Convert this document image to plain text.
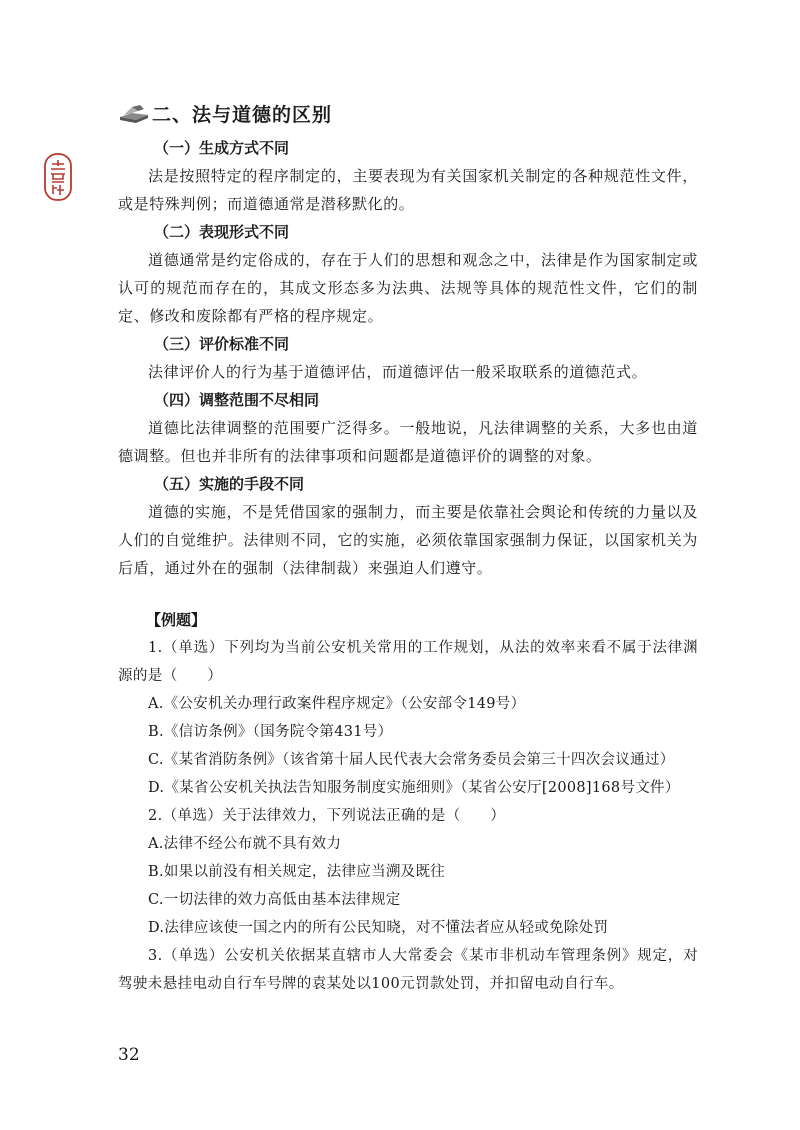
二、法与道德的区别
（一）生成方式不同
法是按照特定的程序制定的，主要表现为有关国家机关制定的各种规范性文件，或是特殊判例；而道德通常是潜移默化的。
（二）表现形式不同
道德通常是约定俗成的，存在于人们的思想和观念之中，法律是作为国家制定或认可的规范而存在的，其成文形态多为法典、法规等具体的规范性文件，它们的制定、修改和废除都有严格的程序规定。
（三）评价标准不同
法律评价人的行为基于道德评估，而道德评估一般采取联系的道德范式。
（四）调整范围不尽相同
道德比法律调整的范围要广泛得多。一般地说，凡法律调整的关系，大多也由道德调整。但也并非所有的法律事项和问题都是道德评价的调整的对象。
（五）实施的手段不同
道德的实施，不是凭借国家的强制力，而主要是依靠社会舆论和传统的力量以及人们的自觉维护。法律则不同，它的实施，必须依靠国家强制力保证，以国家机关为后盾，通过外在的强制（法律制裁）来强迫人们遵守。
【例题】
1.（单选）下列均为当前公安机关常用的工作规划，从法的效率来看不属于法律渊源的是（　　）
A.《公安机关办理行政案件程序规定》（公安部令149号）
B.《信访条例》（国务院令第431号）
C.《某省消防条例》（该省第十届人民代表大会常务委员会第三十四次会议通过）
D.《某省公安机关执法告知服务制度实施细则》（某省公安厅[2008]168号文件）
2.（单选）关于法律效力，下列说法正确的是（　　）
A.法律不经公布就不具有效力
B.如果以前没有相关规定，法律应当溯及既往
C.一切法律的效力高低由基本法律规定
D.法律应该使一国之内的所有公民知晓，对不懂法者应从轻或免除处罚
3.（单选）公安机关依据某直辖市人大常委会《某市非机动车管理条例》规定，对驾驶未悬挂电动自行车号牌的袁某处以100元罚款处罚，并扣留电动自行车。
32
